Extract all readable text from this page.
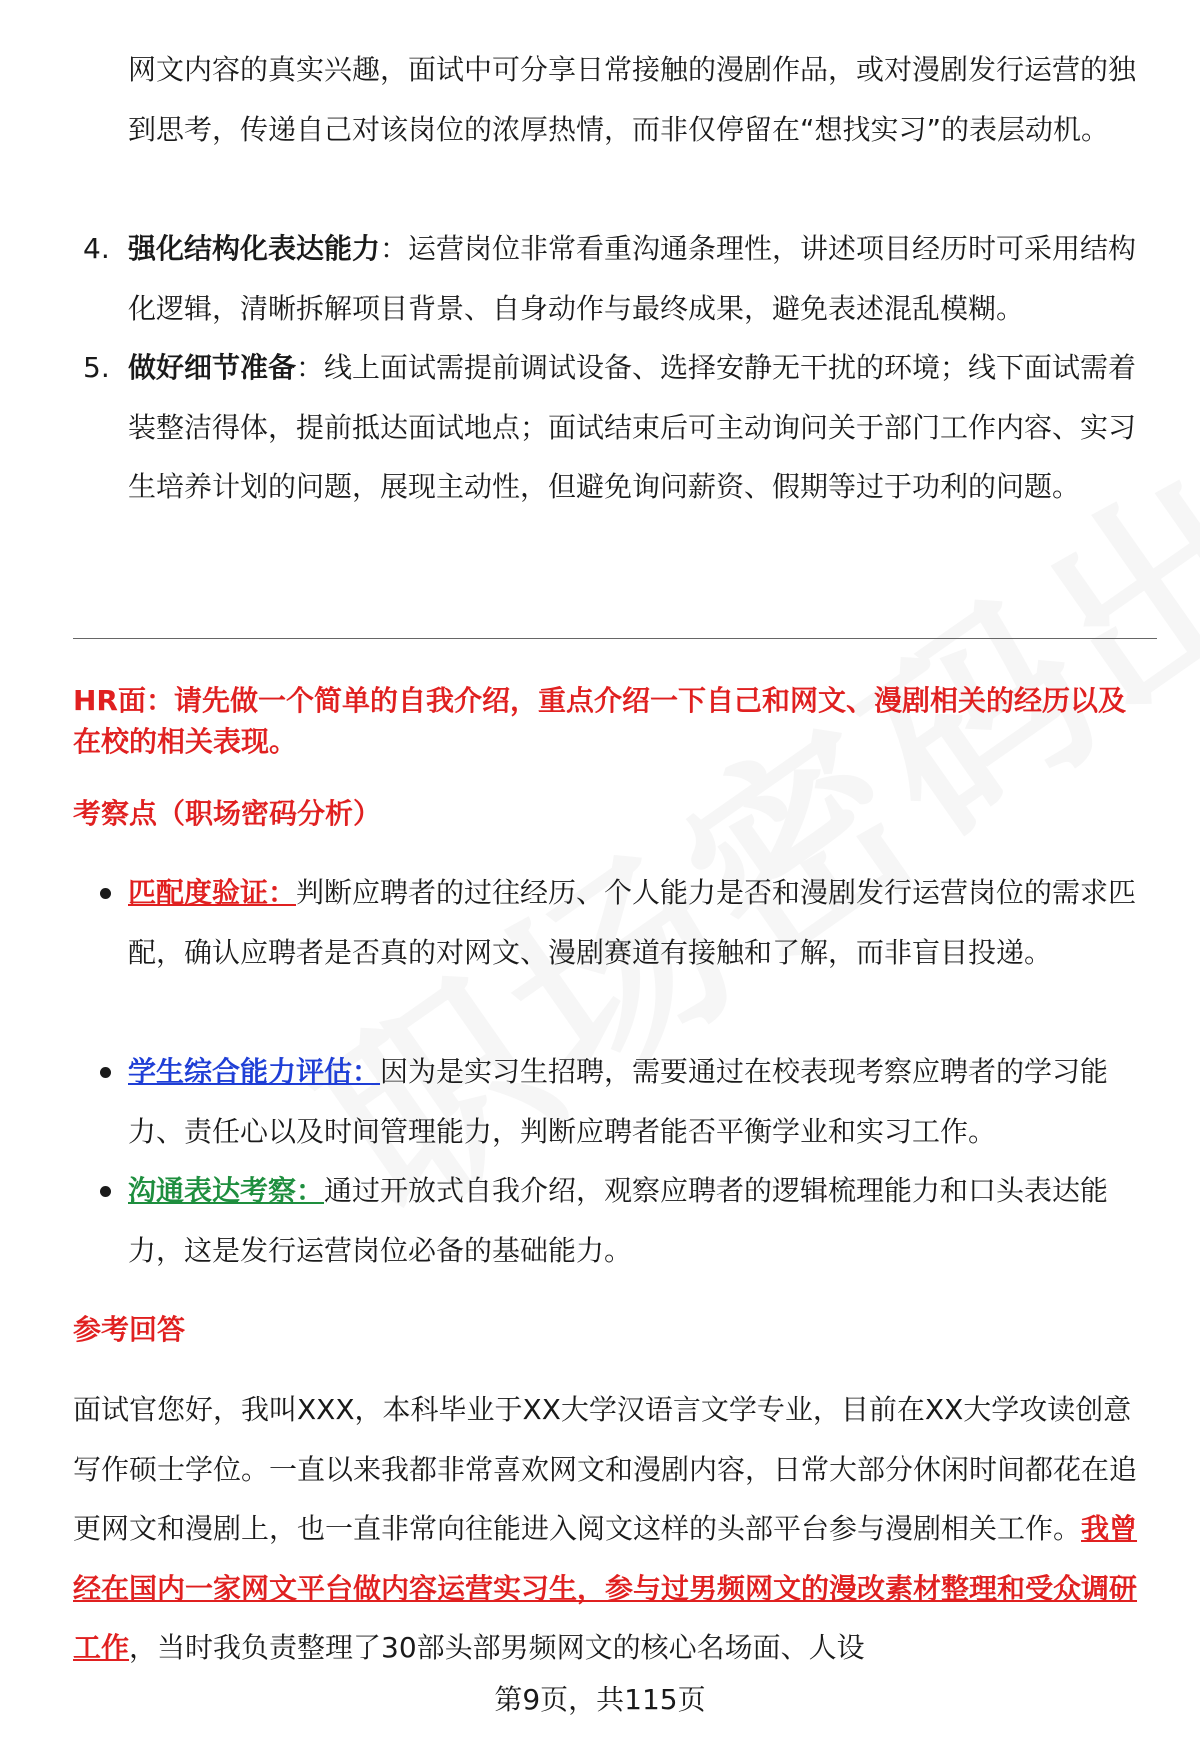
网文内容的真实兴趣，面试中可分享日常接触的漫剧作品，或对漫剧发行运营的独到思考，传递自己对该岗位的浓厚热情，而非仅停留在“想找实习”的表层动机。

4. 强化结构化表达能力：运营岗位非常看重沟通条理性，讲述项目经历时可采用结构化逻辑，清晰拆解项目背景、自身动作与最终成果，避免表述混乱模糊。
5. 做好细节准备：线上面试需提前调试设备、选择安静无干扰的环境；线下面试需着装整洁得体，提前抵达面试地点；面试结束后可主动询问关于部门工作内容、实习生培养计划的问题，展现主动性，但避免询问薪资、假期等过于功利的问题。

HR面：请先做一个简单的自我介绍，重点介绍一下自己和网文、漫剧相关的经历以及在校的相关表现。

考察点（职场密码分析）

匹配度验证：判断应聘者的过往经历、个人能力是否和漫剧发行运营岗位的需求匹配，确认应聘者是否真的对网文、漫剧赛道有接触和了解，而非盲目投递。
学生综合能力评估：因为是实习生招聘，需要通过在校表现考察应聘者的学习能力、责任心以及时间管理能力，判断应聘者能否平衡学业和实习工作。
沟通表达考察：通过开放式自我介绍，观察应聘者的逻辑梳理能力和口头表达能力，这是发行运营岗位必备的基础能力。

参考回答

面试官您好，我叫XXX，本科毕业于XX大学汉语言文学专业，目前在XX大学攻读创意写作硕士学位。一直以来我都非常喜欢网文和漫剧内容，日常大部分休闲时间都花在追更网文和漫剧上，也一直非常向往能进入阅文这样的头部平台参与漫剧相关工作。我曾经在国内一家网文平台做内容运营实习生，参与过男频网文的漫改素材整理和受众调研工作，当时我负责整理了30部头部男频网文的核心名场面、人设

第9页，共115页
